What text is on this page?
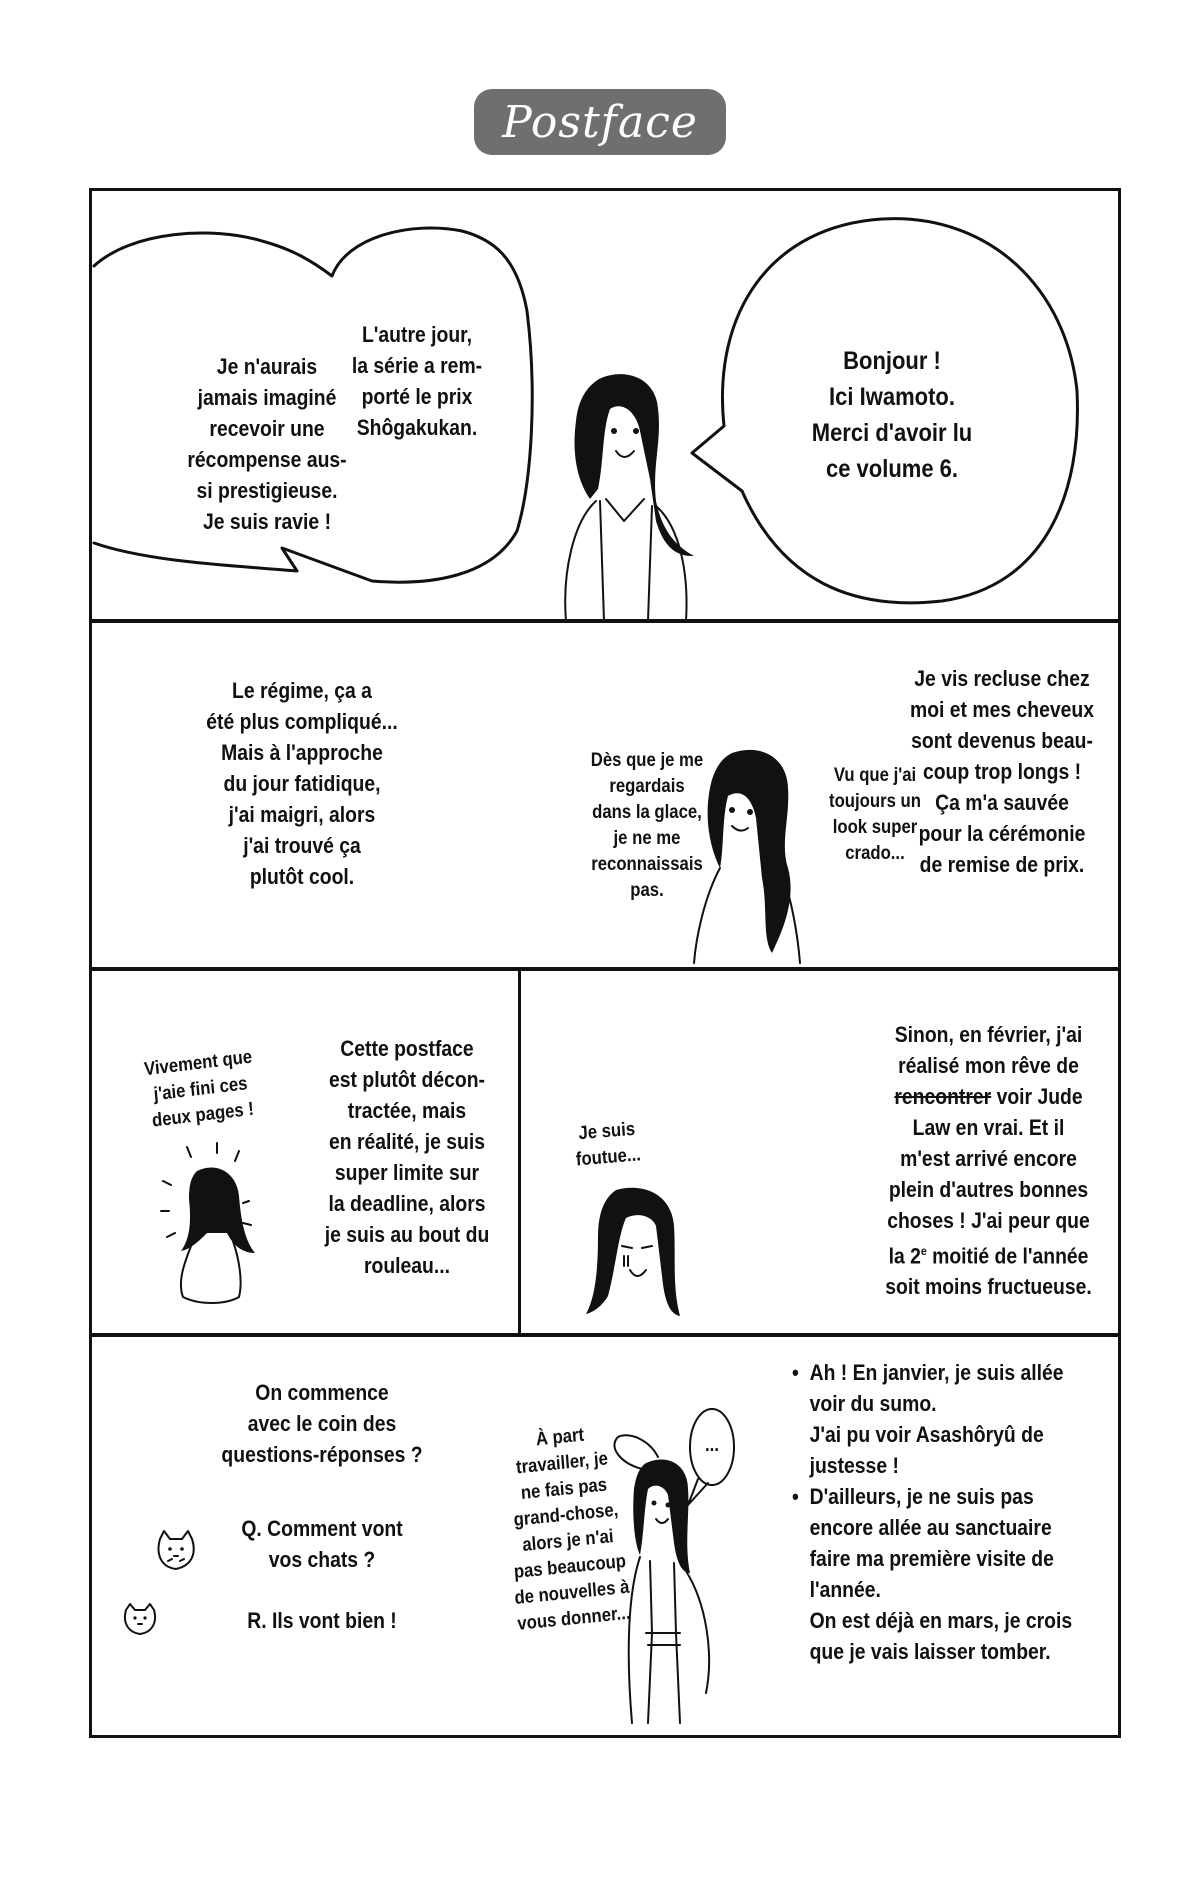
Postface
Je n'aurais
jamais imaginé
recevoir une
récompense aus-
si prestigieuse.
Je suis ravie !
L'autre jour,
la série a rem-
porté le prix
Shôgakukan.
Bonjour !
Ici Iwamoto.
Merci d'avoir lu
ce volume 6.
Le régime, ça a
été plus compliqué...
Mais à l'approche
du jour fatidique,
j'ai maigri, alors
j'ai trouvé ça
plutôt cool.
Dès que je me
regardais
dans la glace,
je ne me
reconnaissais
pas.
Vu que j'ai
toujours un
look super
crado...
Je vis recluse chez
moi et mes cheveux
sont devenus beau-
coup trop longs !
Ça m'a sauvée
pour la cérémonie
de remise de prix.
Vivement que
j'aie fini ces
deux pages !
Cette postface
est plutôt décon-
tractée, mais
en réalité, je suis
super limite sur
la deadline, alors
je suis au bout du
rouleau...
Je suis
foutue...
Sinon, en février, j'ai
réalisé mon rêve de
rencontrer voir Jude
Law en vrai. Et il
m'est arrivé encore
plein d'autres bonnes
choses ! J'ai peur que
la 2e moitié de l'année
soit moins fructueuse.
On commence
avec le coin des
questions-réponses ?
Q. Comment vont
vos chats ?
R. Ils vont bien !
À part
travailler, je
ne fais pas
grand-chose,
alors je n'ai
pas beaucoup
de nouvelles à
vous donner...
...
• Ah ! En janvier, je suis allée
voir du sumo.
J'ai pu voir Asashôryû de
justesse !
• D'ailleurs, je ne suis pas
encore allée au sanctuaire
faire ma première visite de
l'année.
On est déjà en mars, je crois
que je vais laisser tomber.
